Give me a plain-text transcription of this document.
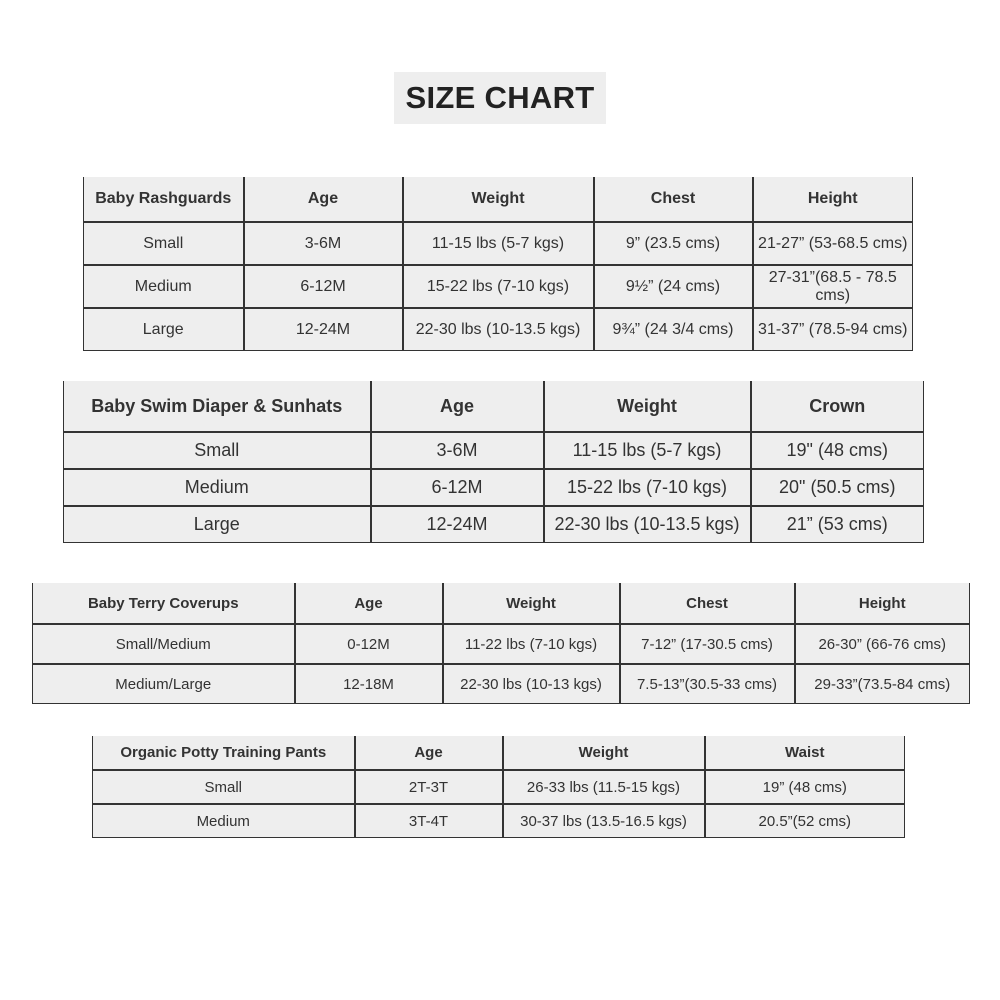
SIZE CHART
Baby Rashguards	Age	Weight	Chest	Height
Small	3-6M	11-15 lbs (5-7 kgs)	9” (23.5 cms)	21-27” (53-68.5 cms)
Medium	6-12M	15-22 lbs (7-10 kgs)	9½” (24 cms)	27-31”(68.5 - 78.5 cms)
Large	12-24M	22-30 lbs (10-13.5 kgs)	9¾” (24 3/4 cms)	31-37” (78.5-94 cms)
Baby Swim Diaper & Sunhats	Age	Weight	Crown
Small	3-6M	11-15 lbs (5-7 kgs)	19" (48 cms)
Medium	6-12M	15-22 lbs (7-10 kgs)	20" (50.5 cms)
Large	12-24M	22-30 lbs (10-13.5 kgs)	21” (53 cms)
Baby Terry Coverups	Age	Weight	Chest	Height
Small/Medium	0-12M	11-22 lbs (7-10 kgs)	7-12” (17-30.5 cms)	26-30” (66-76 cms)
Medium/Large	12-18M	22-30 lbs (10-13 kgs)	7.5-13”(30.5-33 cms)	29-33”(73.5-84 cms)
Organic Potty Training Pants	Age	Weight	Waist
Small	2T-3T	26-33 lbs (11.5-15 kgs)	19” (48 cms)
Medium	3T-4T	30-37 lbs (13.5-16.5 kgs)	20.5”(52 cms)
